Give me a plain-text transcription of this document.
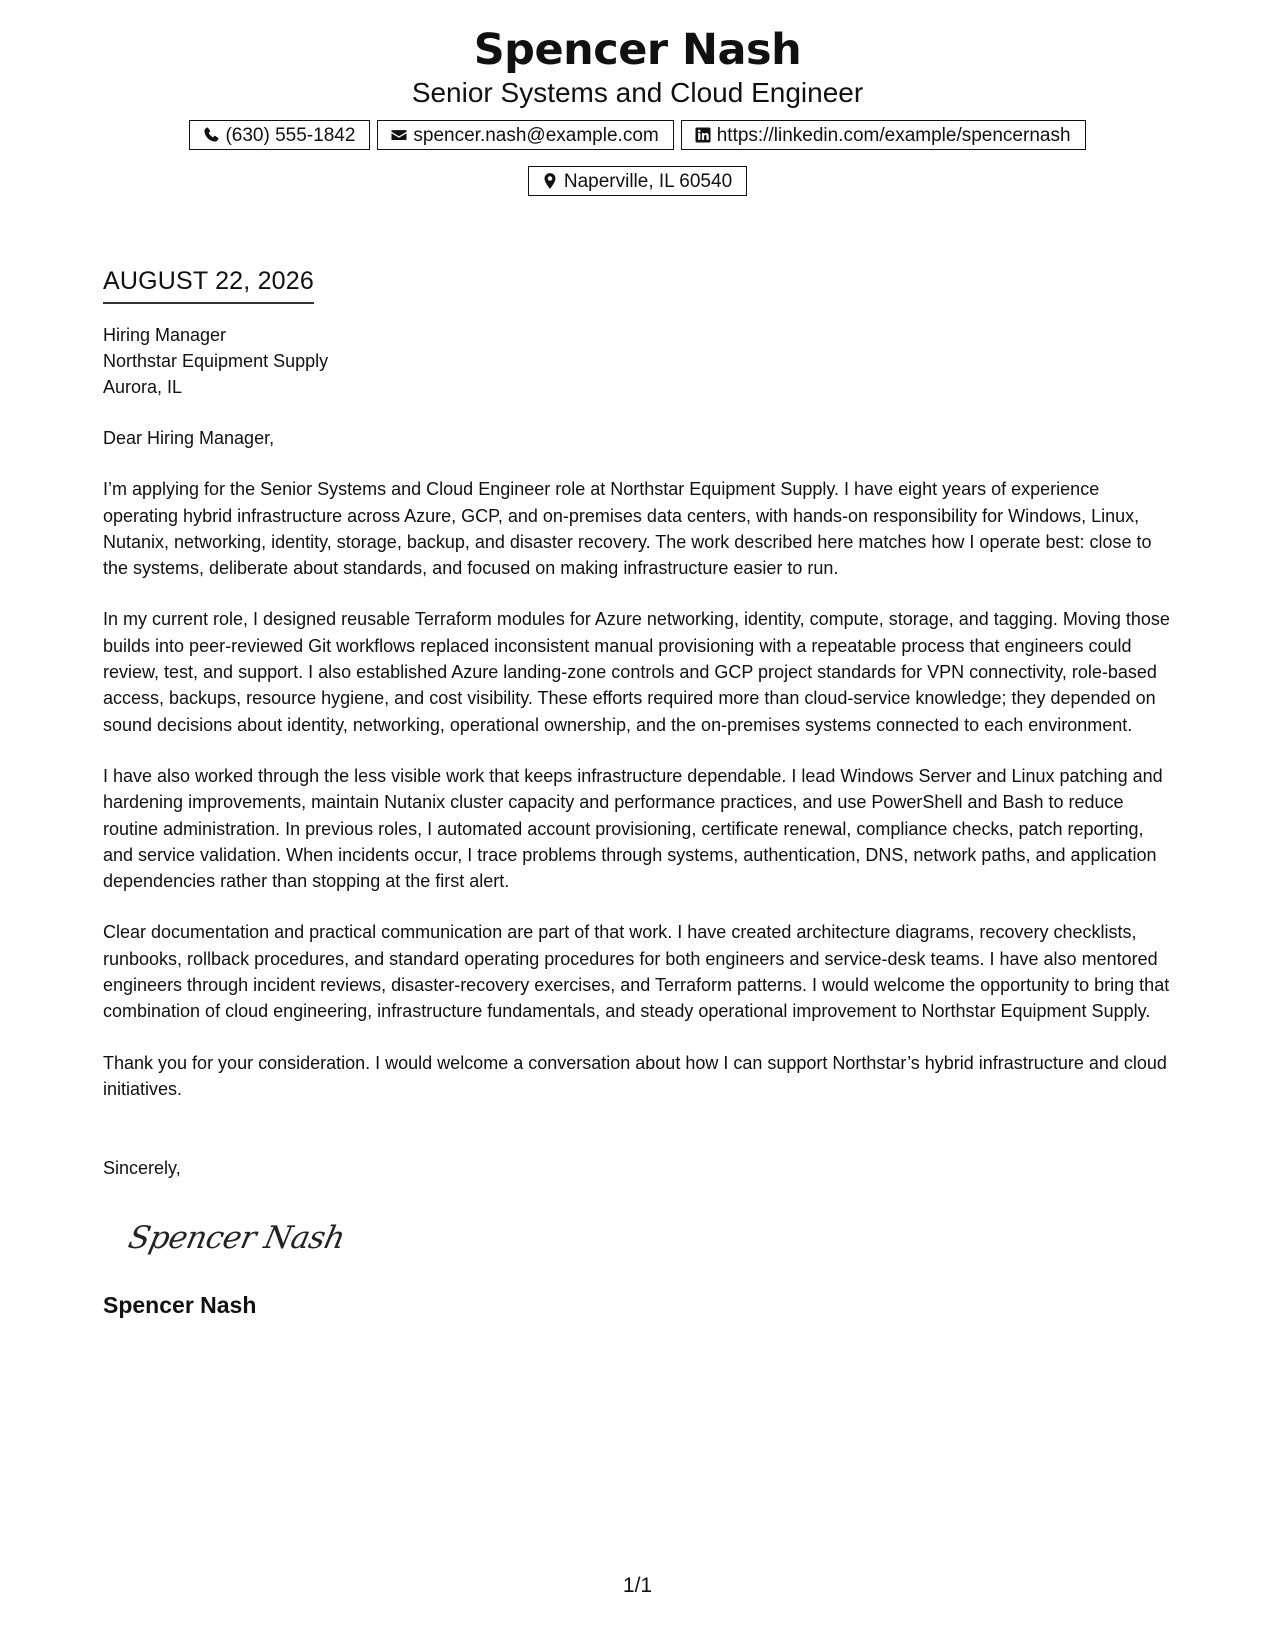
Spencer Nash
Senior Systems and Cloud Engineer
(630) 555-1842	spencer.nash@example.com	https://linkedin.com/example/spencernash
Naperville, IL 60540
AUGUST 22, 2026
Hiring Manager
Northstar Equipment Supply
Aurora, IL
Dear Hiring Manager,

I’m applying for the Senior Systems and Cloud Engineer role at Northstar Equipment Supply. I have eight years of experience operating hybrid infrastructure across Azure, GCP, and on-premises data centers, with hands-on responsibility for Windows, Linux, Nutanix, networking, identity, storage, backup, and disaster recovery. The work described here matches how I operate best: close to the systems, deliberate about standards, and focused on making infrastructure easier to run.

In my current role, I designed reusable Terraform modules for Azure networking, identity, compute, storage, and tagging. Moving those builds into peer-reviewed Git workflows replaced inconsistent manual provisioning with a repeatable process that engineers could review, test, and support. I also established Azure landing-zone controls and GCP project standards for VPN connectivity, role-based access, backups, resource hygiene, and cost visibility. These efforts required more than cloud-service knowledge; they depended on sound decisions about identity, networking, operational ownership, and the on-premises systems connected to each environment.

I have also worked through the less visible work that keeps infrastructure dependable. I lead Windows Server and Linux patching and hardening improvements, maintain Nutanix cluster capacity and performance practices, and use PowerShell and Bash to reduce routine administration. In previous roles, I automated account provisioning, certificate renewal, compliance checks, patch reporting, and service validation. When incidents occur, I trace problems through systems, authentication, DNS, network paths, and application dependencies rather than stopping at the first alert.

Clear documentation and practical communication are part of that work. I have created architecture diagrams, recovery checklists, runbooks, rollback procedures, and standard operating procedures for both engineers and service-desk teams. I have also mentored engineers through incident reviews, disaster-recovery exercises, and Terraform patterns. I would welcome the opportunity to bring that combination of cloud engineering, infrastructure fundamentals, and steady operational improvement to Northstar Equipment Supply.

Thank you for your consideration. I would welcome a conversation about how I can support Northstar’s hybrid infrastructure and cloud initiatives.

Sincerely,
Spencer Nash
Spencer Nash
1/1
